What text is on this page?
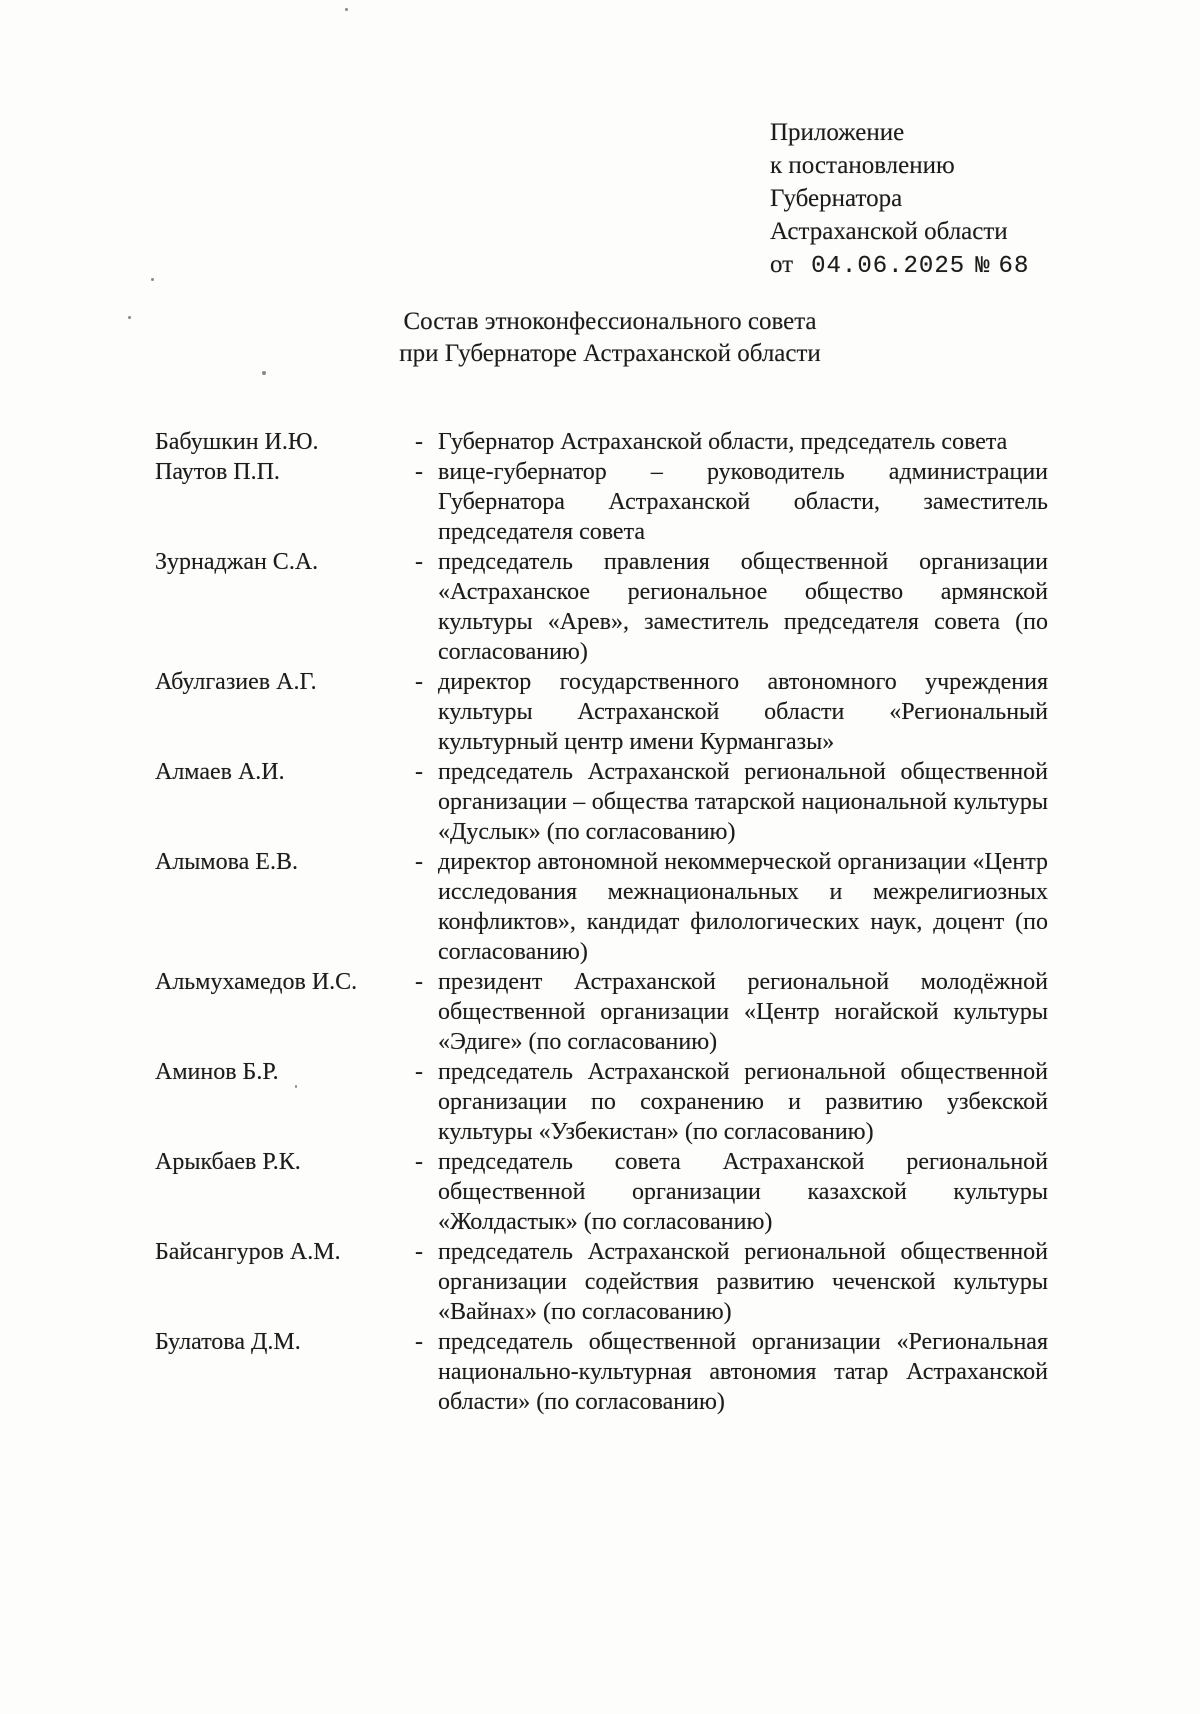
Приложение
к постановлению
Губернатора
Астраханской области
от 04.06.2025 № 68
Состав этноконфессионального совета
при Губернаторе Астраханской области
Бабушкин И.Ю.	- Губернатор Астраханской области, председатель совета
Паутов П.П.	- вице-губернатор – руководитель администрации Губернатора Астраханской области, заместитель председателя совета
Зурнаджан С.А.	- председатель правления общественной организации «Астраханское региональное общество армянской культуры «Арев», заместитель председателя совета (по согласованию)
Абулгазиев А.Г.	- директор государственного автономного учреждения культуры Астраханской области «Региональный культурный центр имени Курмангазы»
Алмаев А.И.	- председатель Астраханской региональной общественной организации – общества татарской национальной культуры «Дуслык» (по согласованию)
Алымова Е.В.	- директор автономной некоммерческой организации «Центр исследования межнациональных и межрелигиозных конфликтов», кандидат филологических наук, доцент (по согласованию)
Альмухамедов И.С.	- президент Астраханской региональной молодёжной общественной организации «Центр ногайской культуры «Эдиге» (по согласованию)
Аминов Б.Р.	- председатель Астраханской региональной общественной организации по сохранению и развитию узбекской культуры «Узбекистан» (по согласованию)
Арыкбаев Р.К.	- председатель совета Астраханской региональной общественной организации казахской культуры «Жолдастык» (по согласованию)
Байсангуров А.М.	- председатель Астраханской региональной общественной организации содействия развитию чеченской культуры «Вайнах» (по согласованию)
Булатова Д.М.	- председатель общественной организации «Региональная национально-культурная автономия татар Астраханской области» (по согласованию)
